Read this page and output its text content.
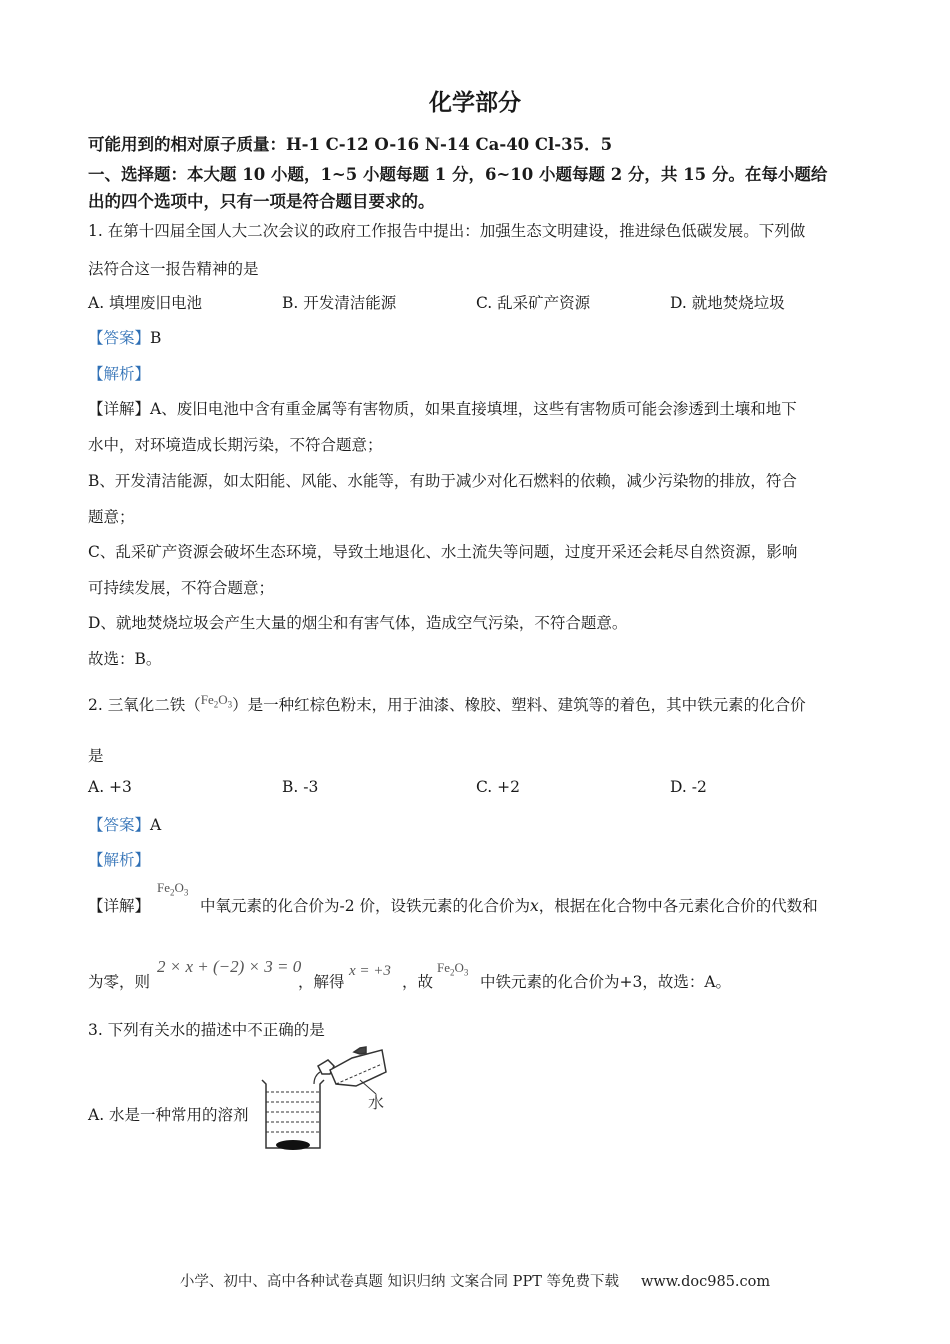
化学部分
可能用到的相对原子质量：H-1 C-12 O-16 N-14 Ca-40 Cl-35．5
一、选择题：本大题 10 小题，1~5 小题每题 1 分，6~10 小题每题 2 分，共 15 分。在每小题给
出的四个选项中，只有一项是符合题目要求的。
1. 在第十四届全国人大二次会议的政府工作报告中提出：加强生态文明建设，推进绿色低碳发展。下列做
法符合这一报告精神的是
A. 填埋废旧电池	B. 开发清洁能源	C. 乱采矿产资源	D. 就地焚烧垃圾
【答案】B
【解析】
【详解】A、废旧电池中含有重金属等有害物质，如果直接填埋，这些有害物质可能会渗透到土壤和地下
水中，对环境造成长期污染，不符合题意；
B、开发清洁能源，如太阳能、风能、水能等，有助于减少对化石燃料的依赖，减少污染物的排放，符合
题意；
C、乱采矿产资源会破坏生态环境，导致土地退化、水土流失等问题，过度开采还会耗尽自然资源，影响
可持续发展，不符合题意；
D、就地焚烧垃圾会产生大量的烟尘和有害气体，造成空气污染，不符合题意。
故选：B。
2. 三氧化二铁（$^{Fe_2O_3}$）是一种红棕色粉末，用于油漆、橡胶、塑料、建筑等的着色，其中铁元素的化合价
是
A. +3	B. -3	C. +2	D. -2
【答案】A
【解析】
【详解】
$Fe_2O_3$
中氧元素的化合价为-2 价，设铁元素的化合价为x，根据在化合物中各元素化合价的代数和
为零，则
2 × x + (−2) × 3 = 0
，解得
x = +3
，故
$Fe_2O_3$
中铁元素的化合价为+3，故选：A。
3. 下列有关水的描述中不正确的是
A. 水是一种常用的溶剂
水
小学、初中、高中各种试卷真题 知识归纳 文案合同 PPT 等免费下载 www.doc985.com
